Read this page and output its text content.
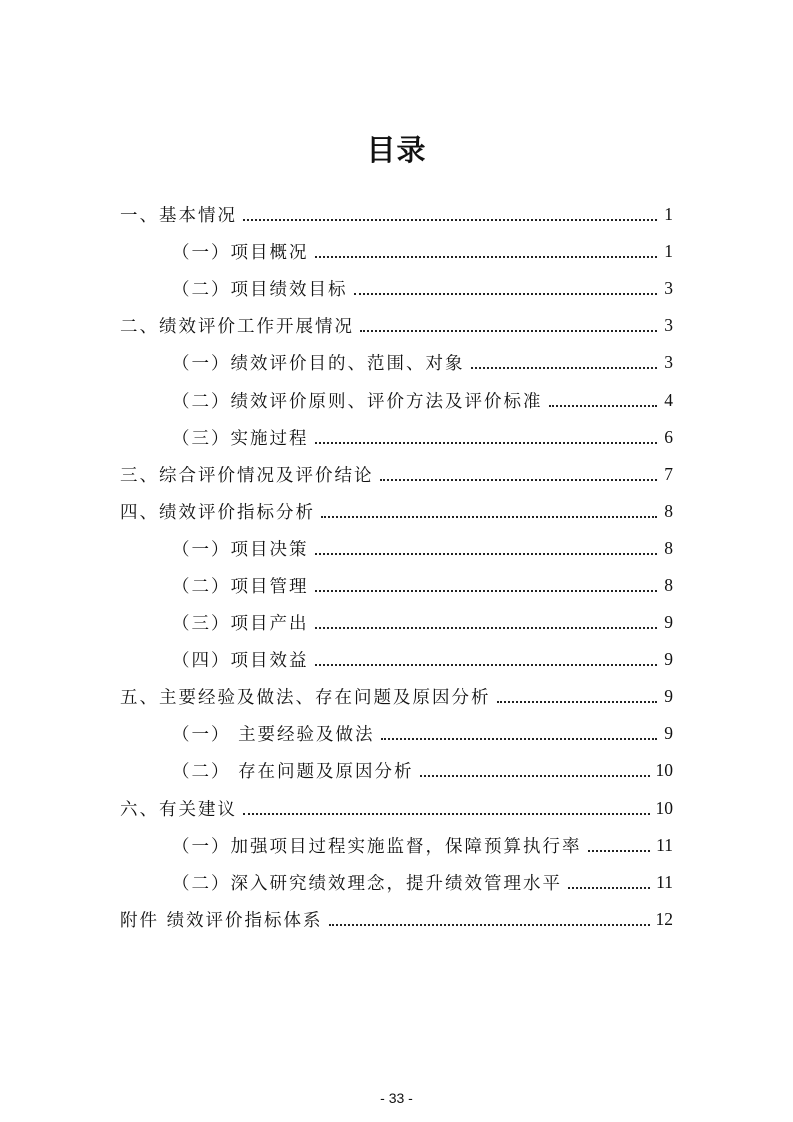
目录
一、基本情况	1
（一）项目概况	1
（二）项目绩效目标	3
二、绩效评价工作开展情况	3
（一）绩效评价目的、范围、对象	3
（二）绩效评价原则、评价方法及评价标准	4
（三）实施过程	6
三、综合评价情况及评价结论	7
四、绩效评价指标分析	8
（一）项目决策	8
（二）项目管理	8
（三）项目产出	9
（四）项目效益	9
五、主要经验及做法、存在问题及原因分析	9
（一） 主要经验及做法	9
（二） 存在问题及原因分析	10
六、有关建议	10
（一）加强项目过程实施监督，保障预算执行率	11
（二）深入研究绩效理念，提升绩效管理水平	11
附件 绩效评价指标体系	12
- 33 -
